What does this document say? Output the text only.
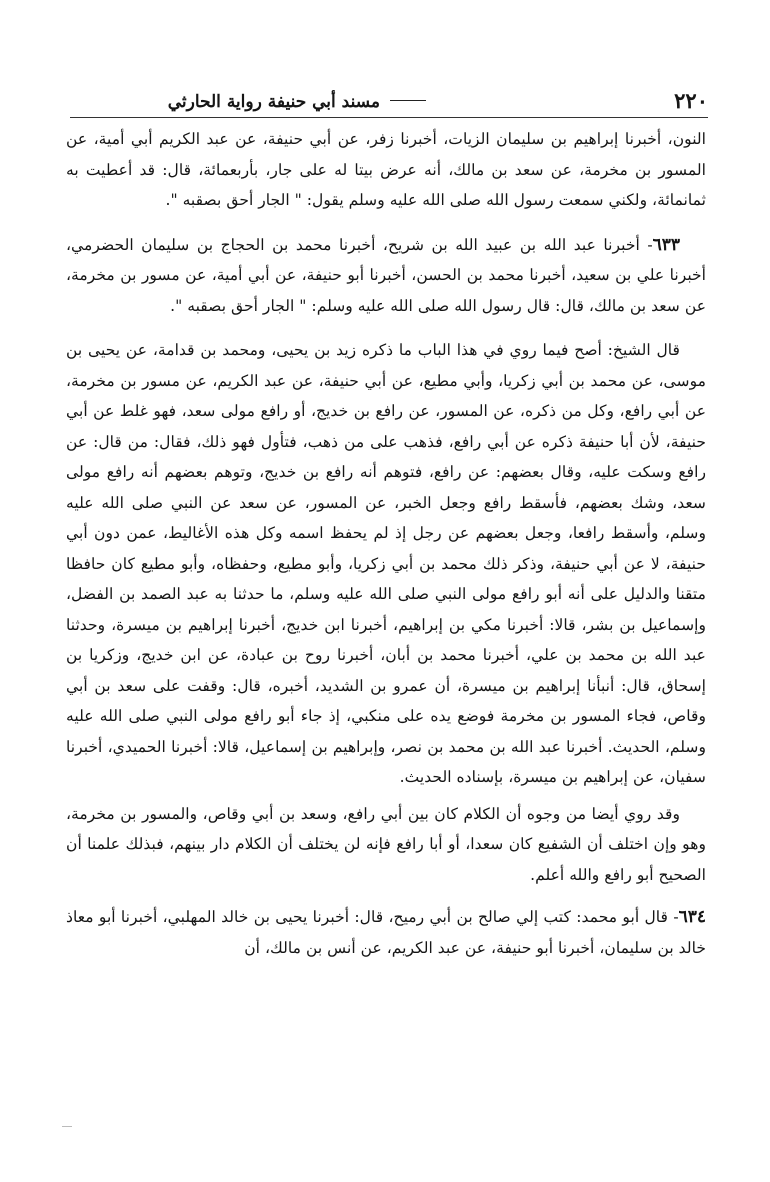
٢٢٠
مسند أبي حنيفة رواية الحارثي

النون، أخبرنا إبراهيم بن سليمان الزيات، أخبرنا زفر، عن أبي حنيفة، عن عبد الكريم أبي أمية، عن المسور بن مخرمة، عن سعد بن مالك، أنه عرض بيتا له على جار، بأربعمائة، قال: قد أعطيت به ثمانمائة، ولكني سمعت رسول الله صلى الله عليه وسلم يقول: " الجار أحق بصقبه ".

٦٣٣- أخبرنا عبد الله بن عبيد الله بن شريح، أخبرنا محمد بن الحجاج بن سليمان الحضرمي، أخبرنا علي بن سعيد، أخبرنا محمد بن الحسن، أخبرنا أبو حنيفة، عن أبي أمية، عن مسور بن مخرمة، عن سعد بن مالك، قال: قال رسول الله صلى الله عليه وسلم: " الجار أحق بصقبه ".

قال الشيخ: أصح فيما روي في هذا الباب ما ذكره زيد بن يحيى، ومحمد بن قدامة، عن يحيى بن موسى، عن محمد بن أبي زكريا، وأبي مطيع، عن أبي حنيفة، عن عبد الكريم، عن مسور بن مخرمة، عن أبي رافع، وكل من ذكره، عن المسور، عن رافع بن خديج، أو رافع مولى سعد، فهو غلط عن أبي حنيفة، لأن أبا حنيفة ذكره عن أبي رافع، فذهب على من ذهب، فتأول فهو ذلك، فقال: من قال: عن رافع وسكت عليه، وقال بعضهم: عن رافع، فتوهم أنه رافع بن خديج، وتوهم بعضهم أنه رافع مولى سعد، وشك بعضهم، فأسقط رافع وجعل الخبر، عن المسور، عن سعد عن النبي صلى الله عليه وسلم، وأسقط رافعا، وجعل بعضهم عن رجل إذ لم يحفظ اسمه وكل هذه الأغاليط، عمن دون أبي حنيفة، لا عن أبي حنيفة، وذكر ذلك محمد بن أبي زكريا، وأبو مطيع، وحفظاه، وأبو مطيع كان حافظا متقنا والدليل على أنه أبو رافع مولى النبي صلى الله عليه وسلم، ما حدثنا به عبد الصمد بن الفضل، وإسماعيل بن بشر، قالا: أخبرنا مكي بن إبراهيم، أخبرنا ابن خديج، أخبرنا إبراهيم بن ميسرة، وحدثنا عبد الله بن محمد بن علي، أخبرنا محمد بن أبان، أخبرنا روح بن عبادة، عن ابن خديج، وزكريا بن إسحاق، قال: أنبأنا إبراهيم بن ميسرة، أن عمرو بن الشديد، أخبره، قال: وقفت على سعد بن أبي وقاص، فجاء المسور بن مخرمة فوضع يده على منكبي، إذ جاء أبو رافع مولى النبي صلى الله عليه وسلم، الحديث. أخبرنا عبد الله بن محمد بن نصر، وإبراهيم بن إسماعيل، قالا: أخبرنا الحميدي، أخبرنا سفيان، عن إبراهيم بن ميسرة، بإسناده الحديث.

وقد روي أيضا من وجوه أن الكلام كان بين أبي رافع، وسعد بن أبي وقاص، والمسور بن مخرمة، وهو وإن اختلف أن الشفيع كان سعدا، أو أبا رافع فإنه لن يختلف أن الكلام دار بينهم، فبذلك علمنا أن الصحيح أبو رافع والله أعلم.

٦٣٤- قال أبو محمد: كتب إلي صالح بن أبي رميح، قال: أخبرنا يحيى بن خالد المهلبي، أخبرنا أبو معاذ خالد بن سليمان، أخبرنا أبو حنيفة، عن عبد الكريم، عن أنس بن مالك، أن
